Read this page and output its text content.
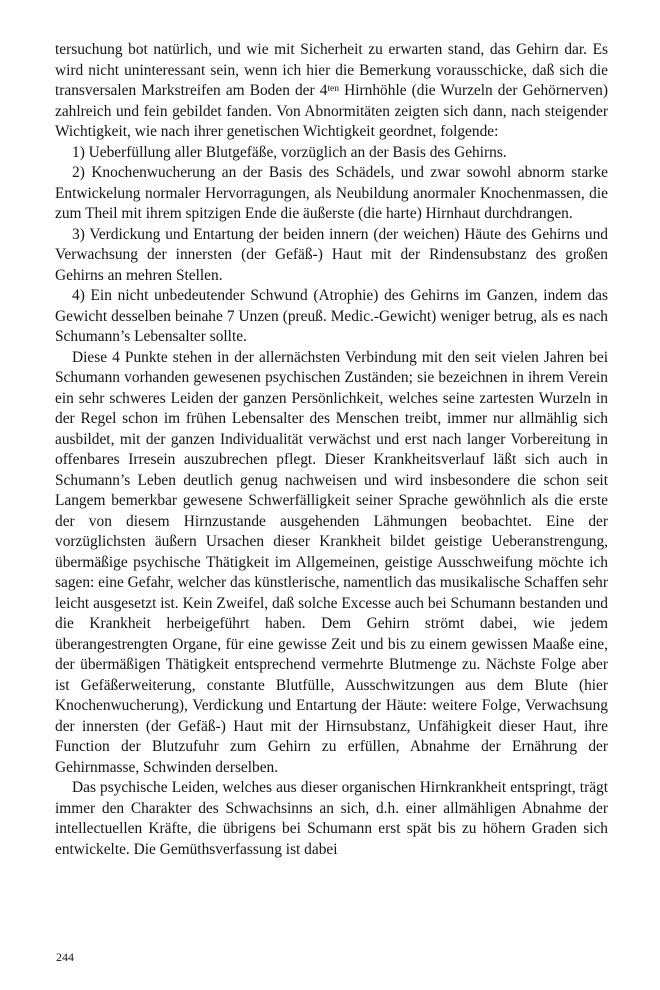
tersuchung bot natürlich, und wie mit Sicherheit zu erwarten stand, das Gehirn dar. Es wird nicht uninteressant sein, wenn ich hier die Bemerkung vorausschicke, daß sich die transversalen Markstreifen am Boden der $4^{ten}$ Hirnhöhle (die Wurzeln der Gehörnerven) zahlreich und fein gebildet fanden. Von Abnormitäten zeigten sich dann, nach steigender Wichtigkeit, wie nach ihrer genetischen Wichtigkeit geordnet, folgende:

1) Ueberfüllung aller Blutgefäße, vorzüglich an der Basis des Gehirns.

2) Knochenwucherung an der Basis des Schädels, und zwar sowohl abnorm starke Entwickelung normaler Hervorragungen, als Neubildung anormaler Knochenmassen, die zum Theil mit ihrem spitzigen Ende die äußerste (die harte) Hirnhaut durchdrangen.

3) Verdickung und Entartung der beiden innern (der weichen) Häute des Gehirns und Verwachsung der innersten (der Gefäß-) Haut mit der Rindensubstanz des großen Gehirns an mehren Stellen.

4) Ein nicht unbedeutender Schwund (Atrophie) des Gehirns im Ganzen, indem das Gewicht desselben beinahe 7 Unzen (preuß. Medic.-Gewicht) weniger betrug, als es nach Schumann’s Lebensalter sollte.

Diese 4 Punkte stehen in der allernächsten Verbindung mit den seit vielen Jahren bei Schumann vorhanden gewesenen psychischen Zuständen; sie bezeichnen in ihrem Verein ein sehr schweres Leiden der ganzen Persönlichkeit, welches seine zartesten Wurzeln in der Regel schon im frühen Lebensalter des Menschen treibt, immer nur allmählig sich ausbildet, mit der ganzen Individualität verwächst und erst nach langer Vorbereitung in offenbares Irresein auszubrechen pflegt. Dieser Krankheitsverlauf läßt sich auch in Schumann’s Leben deutlich genug nachweisen und wird insbesondere die schon seit Langem bemerkbar gewesene Schwerfälligkeit seiner Sprache gewöhnlich als die erste der von diesem Hirnzustande ausgehenden Lähmungen beobachtet. Eine der vorzüglichsten äußern Ursachen dieser Krankheit bildet geistige Ueberanstrengung, übermäßige psychische Thätigkeit im Allgemeinen, geistige Ausschweifung möchte ich sagen: eine Gefahr, welcher das künstlerische, namentlich das musikalische Schaffen sehr leicht ausgesetzt ist. Kein Zweifel, daß solche Excesse auch bei Schumann bestanden und die Krankheit herbeigeführt haben. Dem Gehirn strömt dabei, wie jedem überangestrengten Organe, für eine gewisse Zeit und bis zu einem gewissen Maaße eine, der übermäßigen Thätigkeit entsprechend vermehrte Blutmenge zu. Nächste Folge aber ist Gefäßerweiterung, constante Blutfülle, Ausschwitzungen aus dem Blute (hier Knochenwucherung), Verdickung und Entartung der Häute: weitere Folge, Verwachsung der innersten (der Gefäß-) Haut mit der Hirnsubstanz, Unfähigkeit dieser Haut, ihre Function der Blutzufuhr zum Gehirn zu erfüllen, Abnahme der Ernährung der Gehirnmasse, Schwinden derselben.

Das psychische Leiden, welches aus dieser organischen Hirnkrankheit entspringt, trägt immer den Charakter des Schwachsinns an sich, d.h. einer allmähligen Abnahme der intellectuellen Kräfte, die übrigens bei Schumann erst spät bis zu höhern Graden sich entwickelte. Die Gemüthsverfassung ist dabei

244
